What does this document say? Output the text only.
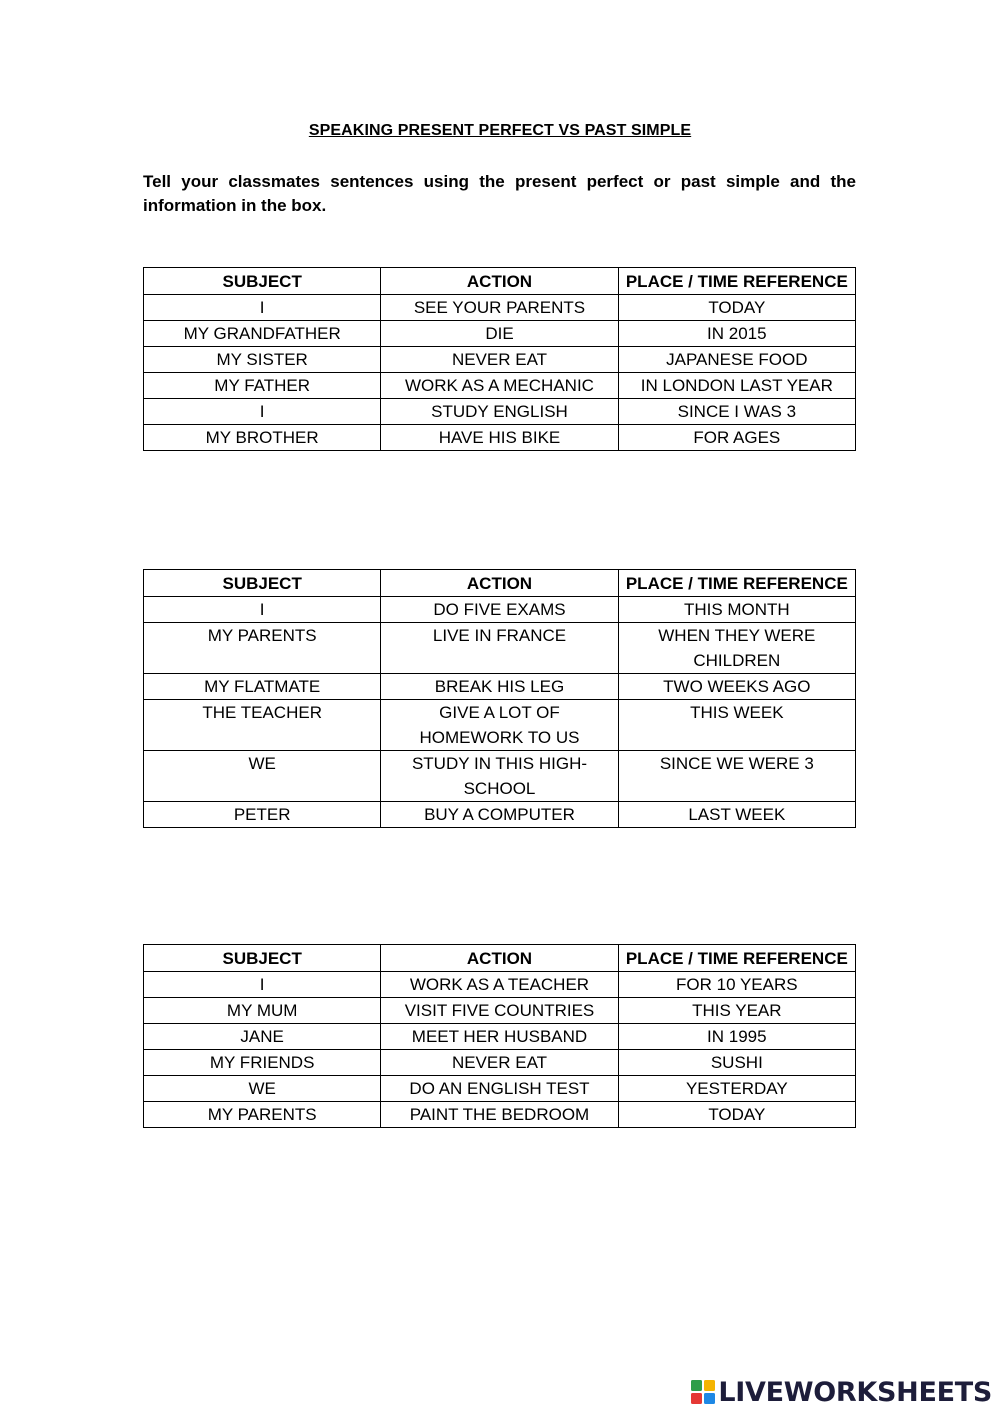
SPEAKING PRESENT PERFECT VS PAST SIMPLE
Tell your classmates sentences using the present perfect or past simple and the information in the box.
SUBJECT	ACTION	PLACE / TIME REFERENCE
I	SEE YOUR PARENTS	TODAY
MY GRANDFATHER	DIE	IN 2015
MY SISTER	NEVER EAT	JAPANESE FOOD
MY FATHER	WORK AS A MECHANIC	IN LONDON LAST YEAR
I	STUDY ENGLISH	SINCE I WAS 3
MY BROTHER	HAVE HIS BIKE	FOR AGES
SUBJECT	ACTION	PLACE / TIME REFERENCE
I	DO FIVE EXAMS	THIS MONTH
MY PARENTS	LIVE IN FRANCE	WHEN THEY WERE CHILDREN
MY FLATMATE	BREAK HIS LEG	TWO WEEKS AGO
THE TEACHER	GIVE A LOT OF HOMEWORK TO US	THIS WEEK
WE	STUDY IN THIS HIGH-SCHOOL	SINCE WE WERE 3
PETER	BUY A COMPUTER	LAST WEEK
SUBJECT	ACTION	PLACE / TIME REFERENCE
I	WORK AS A TEACHER	FOR 10 YEARS
MY MUM	VISIT FIVE COUNTRIES	THIS YEAR
JANE	MEET HER HUSBAND	IN 1995
MY FRIENDS	NEVER EAT	SUSHI
WE	DO AN ENGLISH TEST	YESTERDAY
MY PARENTS	PAINT THE BEDROOM	TODAY
LIVEWORKSHEETS
